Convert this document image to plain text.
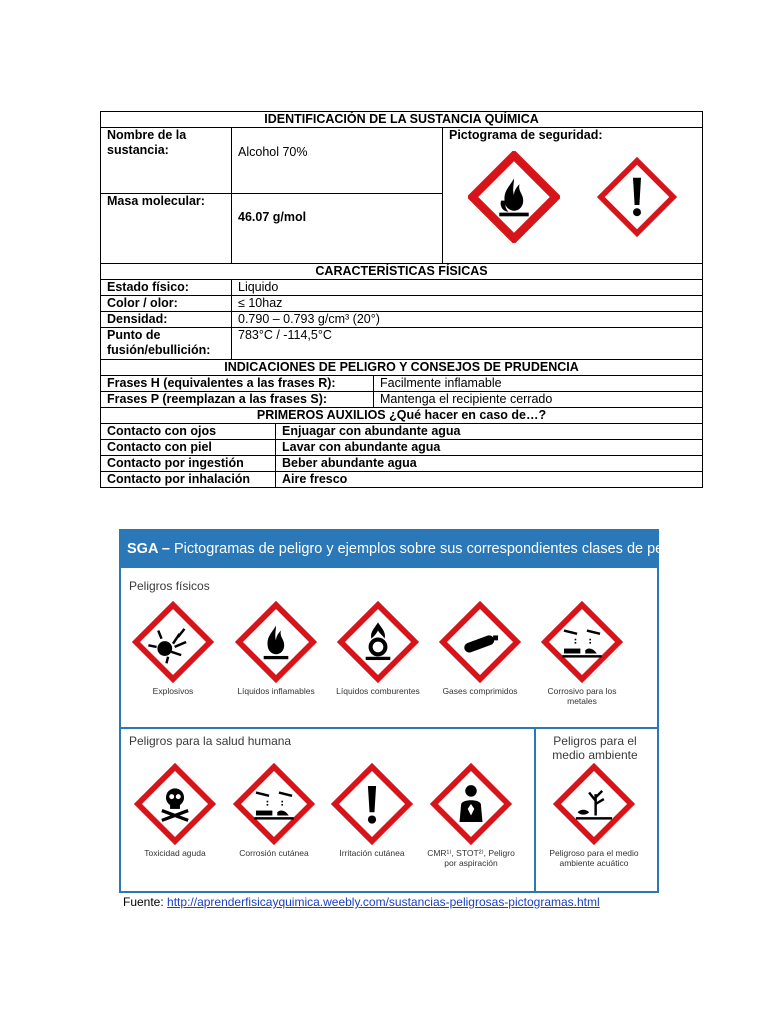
IDENTIFICACIÓN DE LA SUSTANCIA QUÍMICA				
Nombre de la sustancia:	Alcohol 70%			Pictograma de seguridad:

Masa molecular:	46.07 g/mol			
CARACTERÍSTICAS FÍSICAS				
Estado físico:	Liquido			
Color / olor:	≤ 10haz			
Densidad:	0.790 – 0.793 g/cm³ (20°)			
Punto de fusión/ebullición:	783°C / -114,5°C			
INDICACIONES DE PELIGRO Y CONSEJOS DE PRUDENCIA				
Frases H (equivalentes a las frases R):			Facilmente inflamable	
Frases P (reemplazan a las frases S):			Mantenga el recipiente cerrado	
PRIMEROS AUXILIOS ¿Qué hacer en caso de…?				
Contacto con ojos		Enjuagar con abundante agua		
Contacto con piel		Lavar con abundante agua		
Contacto por ingestión		Beber abundante agua		
Contacto por inhalación		Aire fresco		
SGA – Pictogramas de peligro y ejemplos sobre sus correspondientes clases de peligro
Peligros físicos
Explosivos	Líquidos inflamables	Líquidos comburentes	Gases comprimidos	Corrosivo para los metales
Peligros para la salud humana
Toxicidad aguda	Corrosión cutánea	Irritación cutánea	CMR¹⁾, STOT²⁾, Peligro por aspiración
Peligros para el medio ambiente
Peligroso para el medio ambiente acuático
Fuente: http://aprenderfisicayquimica.weebly.com/sustancias-peligrosas-pictogramas.html
